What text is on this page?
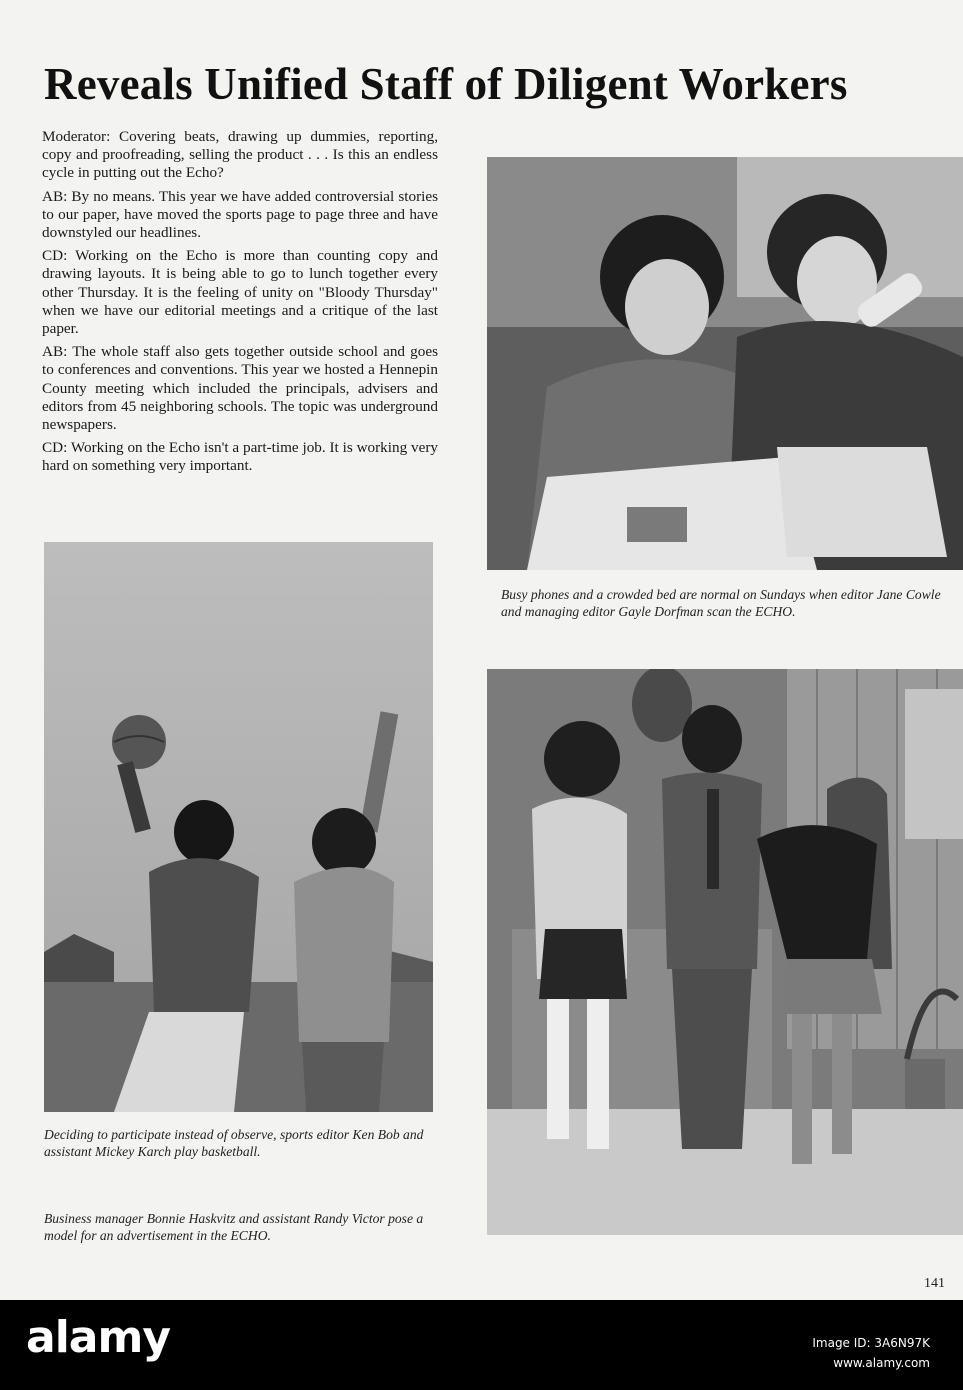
Reveals Unified Staff of Diligent Workers

Moderator: Covering beats, drawing up dummies, reporting, copy and proofreading, selling the product . . . Is this an endless cycle in putting out the Echo?

AB: By no means. This year we have added controversial stories to our paper, have moved the sports page to page three and have downstyled our headlines.

CD: Working on the Echo is more than counting copy and drawing layouts. It is being able to go to lunch together every other Thursday. It is the feeling of unity on "Bloody Thursday" when we have our editorial meetings and a critique of the last paper.

AB: The whole staff also gets together outside school and goes to conferences and conventions. This year we hosted a Hennepin County meeting which included the principals, advisers and editors from 45 neighboring schools. The topic was underground newspapers.

CD: Working on the Echo isn't a part-time job. It is working very hard on something very important.

Busy phones and a crowded bed are normal on Sundays when editor Jane Cowle and managing editor Gayle Dorfman scan the ECHO.
Deciding to participate instead of observe, sports editor Ken Bob and assistant Mickey Karch play basketball.
Business manager Bonnie Haskvitz and assistant Randy Victor pose a model for an advertisement in the ECHO.
141
alamy	Image ID: 3A6N97K
www.alamy.com
